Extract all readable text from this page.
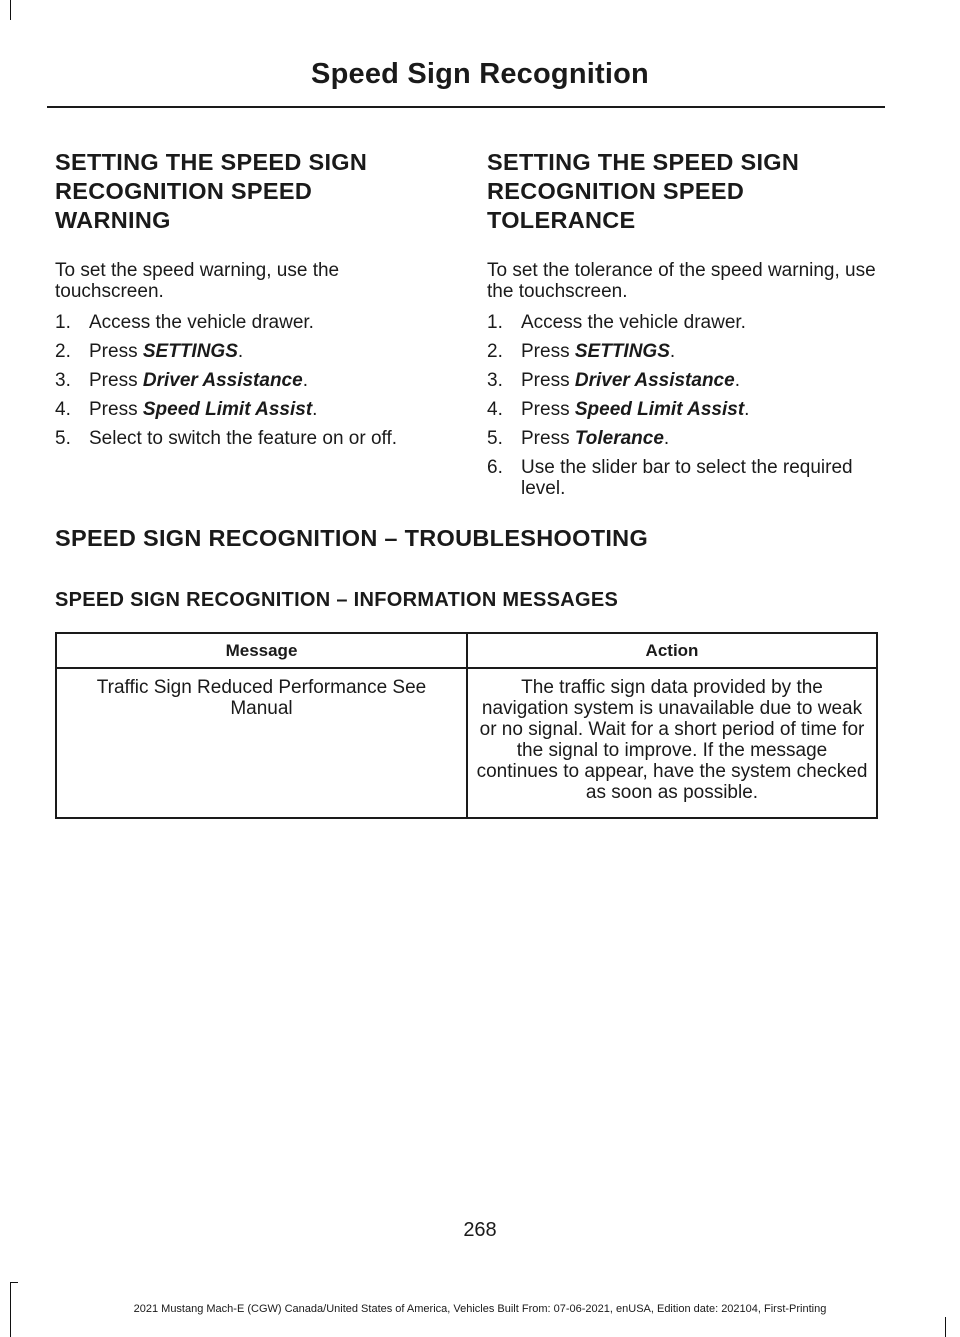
Speed Sign Recognition
SETTING THE SPEED SIGN
RECOGNITION SPEED
WARNING

To set the speed warning, use the touchscreen.

1. Access the vehicle drawer.
2. Press SETTINGS.
3. Press Driver Assistance.
4. Press Speed Limit Assist.
5. Select to switch the feature on or off.
SETTING THE SPEED SIGN
RECOGNITION SPEED
TOLERANCE

To set the tolerance of the speed warning, use the touchscreen.

1. Access the vehicle drawer.
2. Press SETTINGS.
3. Press Driver Assistance.
4. Press Speed Limit Assist.
5. Press Tolerance.
6. Use the slider bar to select the required level.
SPEED SIGN RECOGNITION – TROUBLESHOOTING
SPEED SIGN RECOGNITION – INFORMATION MESSAGES
Message	Action
Traffic Sign Reduced Performance See Manual	The traffic sign data provided by the navigation system is unavailable due to weak or no signal. Wait for a short period of time for the signal to improve. If the message continues to appear, have the system checked as soon as possible.
268
2021 Mustang Mach-E (CGW) Canada/United States of America, Vehicles Built From: 07-06-2021, enUSA, Edition date: 202104, First-Printing
